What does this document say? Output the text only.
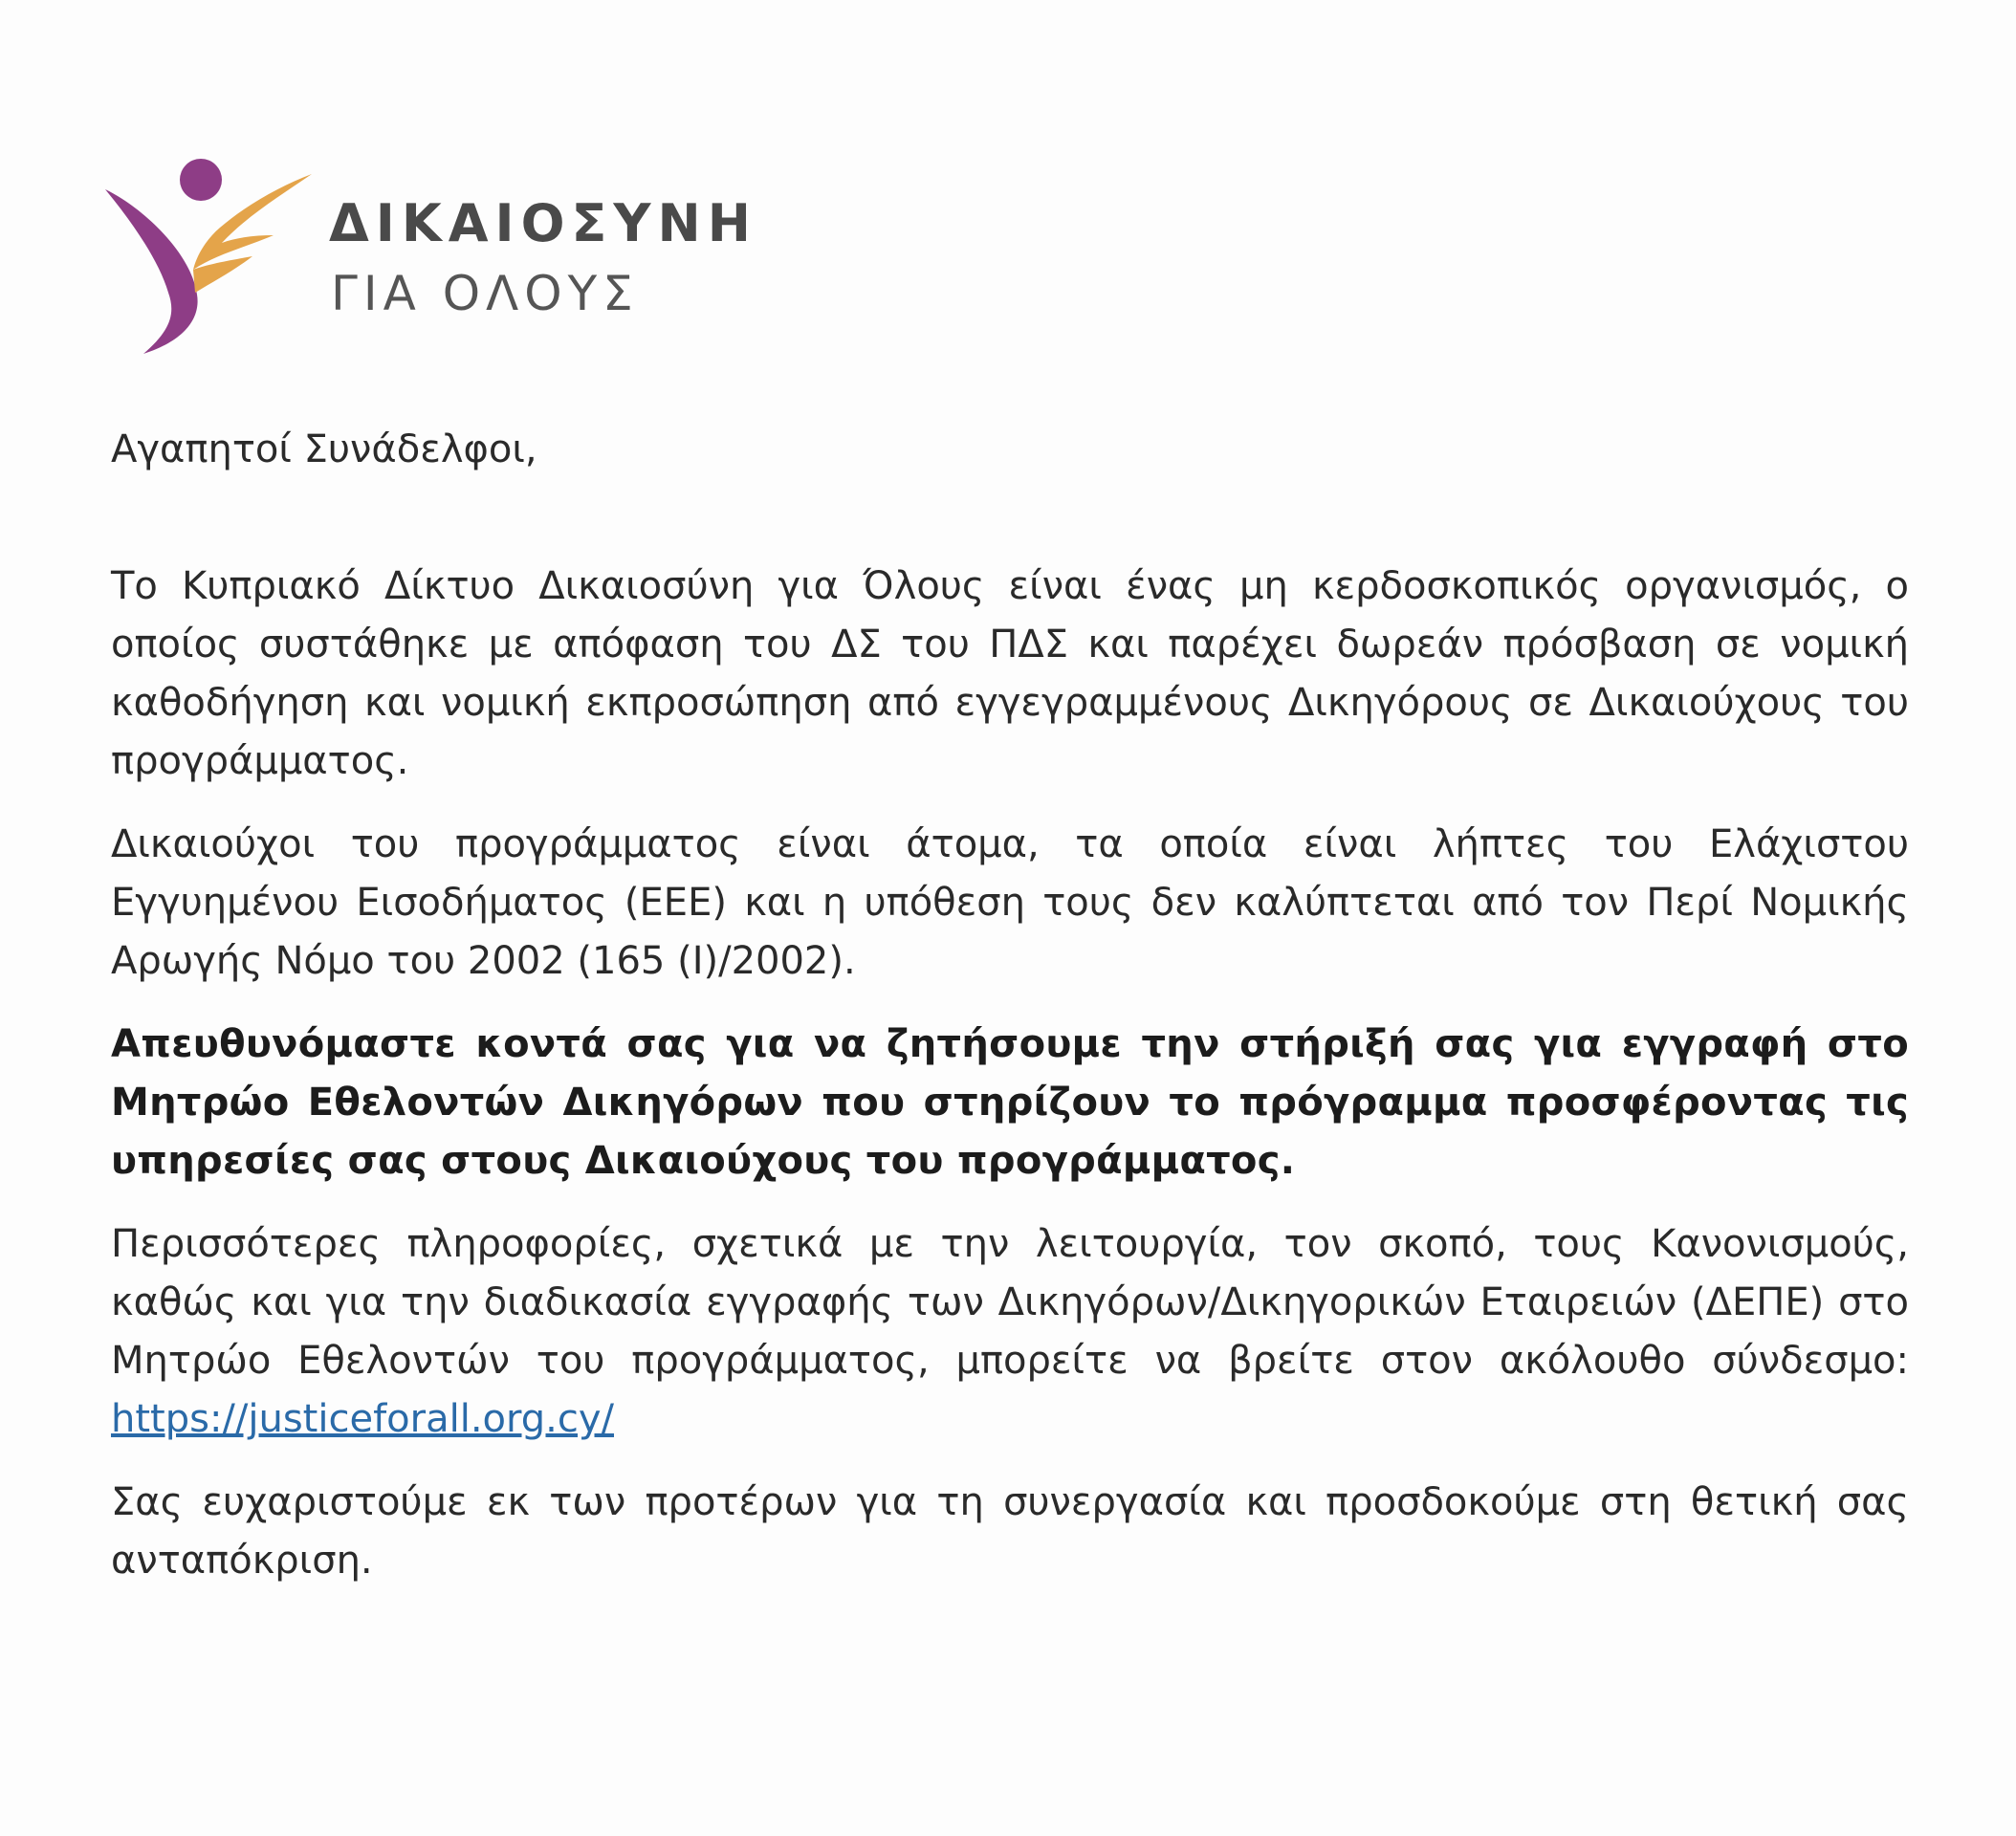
ΔΙΚΑΙΟΣΥΝΗ
ΓΙΑ ΟΛΟΥΣ

Αγαπητοί Συνάδελφοι,

Το Κυπριακό Δίκτυο Δικαιοσύνη για Όλους είναι ένας μη κερδοσκοπικός οργανισμός, ο οποίος συστάθηκε με απόφαση του ΔΣ του ΠΔΣ και παρέχει δωρεάν πρόσβαση σε νομική καθοδήγηση και νομική εκπροσώπηση από εγγεγραμμένους Δικηγόρους σε Δικαιούχους του προγράμματος.

Δικαιούχοι του προγράμματος είναι άτομα, τα οποία είναι λήπτες του Ελάχιστου Εγγυημένου Εισοδήματος (ΕΕΕ) και η υπόθεση τους δεν καλύπτεται από τον Περί Νομικής Αρωγής Νόμο του 2002 (165 (Ι)/2002).

Απευθυνόμαστε κοντά σας για να ζητήσουμε την στήριξή σας για εγγραφή στο Μητρώο Εθελοντών Δικηγόρων που στηρίζουν το πρόγραμμα προσφέροντας τις υπηρεσίες σας στους Δικαιούχους του προγράμματος.

Περισσότερες πληροφορίες, σχετικά με την λειτουργία, τον σκοπό, τους Κανονισμούς, καθώς και για την διαδικασία εγγραφής των Δικηγόρων/Δικηγορικών Εταιρειών (ΔΕΠΕ) στο Μητρώο Εθελοντών του προγράμματος, μπορείτε να βρείτε στον ακόλουθο σύνδεσμο: https://justiceforall.org.cy/

Σας ευχαριστούμε εκ των προτέρων για τη συνεργασία και προσδοκούμε στη θετική σας ανταπόκριση.
